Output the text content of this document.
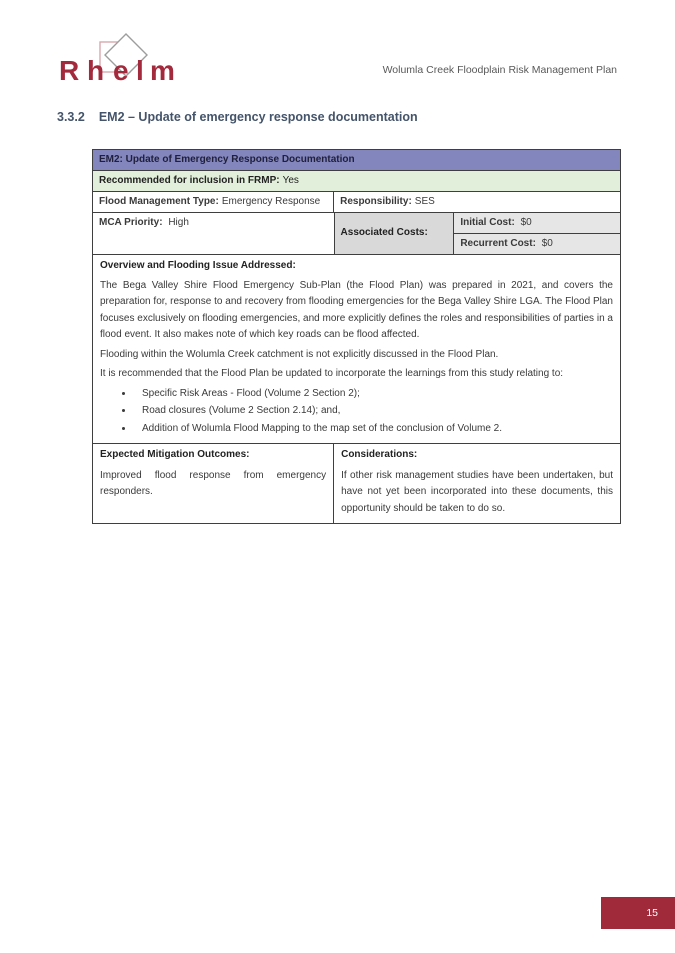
R h e l m	Wolumla Creek Floodplain Risk Management Plan
3.3.2 EM2 – Update of emergency response documentation
EM2: Update of Emergency Response Documentation
Recommended for inclusion in FRMP: Yes
Flood Management Type: Emergency Response Responsibility: SES
MCA Priority: High
Associated Costs:
Initial Cost:
$0
Recurrent Cost:
$0
Overview and Flooding Issue Addressed:

The Bega Valley Shire Flood Emergency Sub-Plan (the Flood Plan) was prepared in 2021, and covers the preparation for, response to and recovery from flooding emergencies for the Bega Valley Shire LGA. The Flood Plan focuses exclusively on flooding emergencies, and more explicitly defines the roles and responsibilities of parties in a flood event. It also makes note of which key roads can be flood affected.

Flooding within the Wolumla Creek catchment is not explicitly discussed in the Flood Plan.

It is recommended that the Flood Plan be updated to incorporate the learnings from this study relating to:

• Specific Risk Areas - Flood (Volume 2 Section 2);
• Road closures (Volume 2 Section 2.14); and,
• Addition of Wolumla Flood Mapping to the map set of the conclusion of Volume 2.
Expected Mitigation Outcomes:

Improved flood response from emergency responders.

Considerations:

If other risk management studies have been undertaken, but have not yet been incorporated into these documents, this opportunity should be taken to do so.

15
